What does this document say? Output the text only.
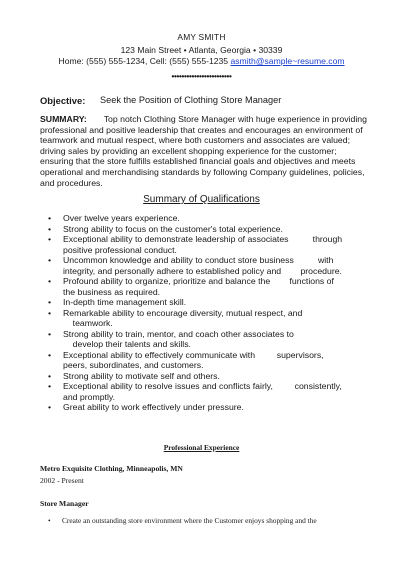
AMY SMITH
123 Main Street • Atlanta, Georgia • 30339
Home: (555) 555-1234, Cell: (555) 555-1235 asmith@sample~resume.com
••••••••••••••••••••••••
Objective: Seek the Position of Clothing Store Manager
SUMMARY: Top notch Clothing Store Manager with huge experience in providing professional and positive leadership that creates and encourages an environment of teamwork and mutual respect, where both customers and associates are valued; driving sales by providing an excellent shopping experience for the customer; ensuring that the store fulfills established financial goals and objectives and meets operational and merchandising standards by following Company guidelines, policies, and procedures.
Summary of Qualifications
• Over twelve years experience.
• Strong ability to focus on the customer's total experience.
• Exceptional ability to demonstrate leadership of associates          through
positive professional conduct.
• Uncommon knowledge and ability to conduct store business          with
integrity, and personally adhere to established policy and        procedure.
• Profound ability to organize, prioritize and balance the        functions of
the business as required.
• In-depth time management skill.
• Remarkable ability to encourage diversity, mutual respect, and
teamwork.
• Strong ability to train, mentor, and coach other associates to
develop their talents and skills.
• Exceptional ability to effectively communicate with         supervisors,
peers, subordinates, and customers.
• Strong ability to motivate self and others.
• Exceptional ability to resolve issues and conflicts fairly,         consistently,
and promptly.
• Great ability to work effectively under pressure.
Professional Experience
Metro Exquisite Clothing, Minneapolis, MN
2002 - Present
Store Manager
• Create an outstanding store environment where the Customer enjoys shopping and the
